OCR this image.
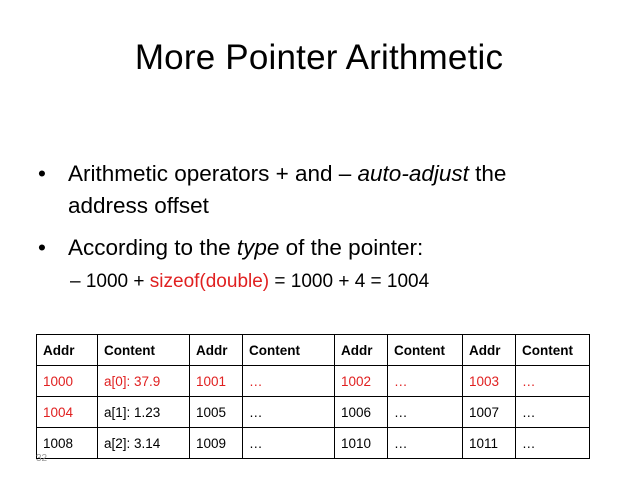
More Pointer Arithmetic
• Arithmetic operators + and – auto-adjust the
address offset
• According to the type of the pointer:
– 1000 + sizeof(double) = 1000 + 4 = 1004
Addr	Content	Addr	Content	Addr	Content	Addr	Content
1000	a[0]: 37.9	1001	…	1002	…	1003	…
1004	a[1]: 1.23	1005	…	1006	…	1007	…
1008	a[2]: 3.14	1009	…	1010	…	1011	…
32
